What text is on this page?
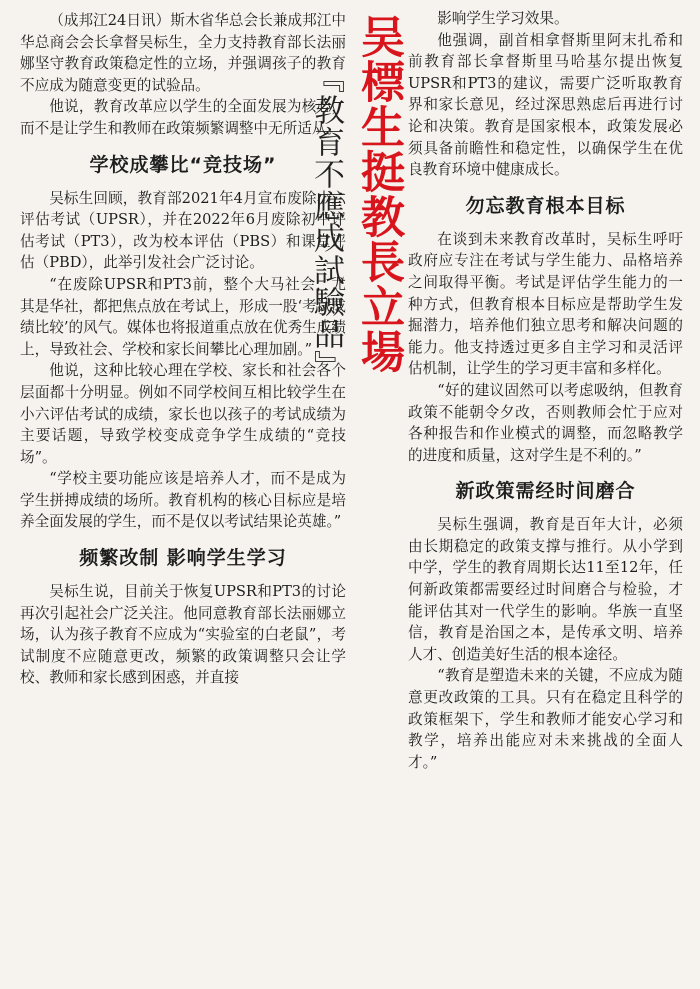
（成邦江24日讯）斯木省华总会长兼成邦江中华总商会会长拿督吴标生，全力支持教育部长法丽娜坚守教育政策稳定性的立场，并强调孩子的教育不应成为随意变更的试验品。

他说，教育改革应以学生的全面发展为核心，而不是让学生和教师在政策频繁调整中无所适从。

学校成攀比“竞技场”

吴标生回顾，教育部2021年4月宣布废除小六评估考试（UPSR），并在2022年6月废除初中评估考试（PT3），改为校本评估（PBS）和课堂评估（PBD），此举引发社会广泛讨论。

“在废除UPSR和PT3前，整个大马社会，尤其是华社，都把焦点放在考试上，形成一股‘考试成绩比较’的风气。媒体也将报道重点放在优秀生成绩上，导致社会、学校和家长间攀比心理加剧。”

他说，这种比较心理在学校、家长和社会各个层面都十分明显。例如不同学校间互相比较学生在小六评估考试的成绩，家长也以孩子的考试成绩为主要话题，导致学校变成竞争学生成绩的“竞技场”。

“学校主要功能应该是培养人才，而不是成为学生拼搏成绩的场所。教育机构的核心目标应是培养全面发展的学生，而不是仅以考试结果论英雄。”

频繁改制 影响学生学习

吴标生说，目前关于恢复UPSR和PT3的讨论再次引起社会广泛关注。他同意教育部长法丽娜立场，认为孩子教育不应成为“实验室的白老鼠”，考试制度不应随意更改，频繁的政策调整只会让学校、教师和家长感到困惑，并直接

『教育不應成試驗品』 吴標生挺教長立場	影响学生学习效果。

他强调，副首相拿督斯里阿末扎希和前教育部长拿督斯里马哈基尔提出恢复UPSR和PT3的建议，需要广泛听取教育界和家长意见，经过深思熟虑后再进行讨论和决策。教育是国家根本，政策发展必须具备前瞻性和稳定性，以确保学生在优良教育环境中健康成长。

勿忘教育根本目标

在谈到未来教育改革时，吴标生呼吁政府应专注在考试与学生能力、品格培养之间取得平衡。考试是评估学生能力的一种方式，但教育根本目标应是帮助学生发掘潜力，培养他们独立思考和解决问题的能力。他支持透过更多自主学习和灵活评估机制，让学生的学习更丰富和多样化。

“好的建议固然可以考虑吸纳，但教育政策不能朝令夕改，否则教师会忙于应对各种报告和作业模式的调整，而忽略教学的进度和质量，这对学生是不利的。”

新政策需经时间磨合

吴标生强调，教育是百年大计，必须由长期稳定的政策支撑与推行。从小学到中学，学生的教育周期长达11至12年，任何新政策都需要经过时间磨合与检验，才能评估其对一代学生的影响。华族一直坚信，教育是治国之本，是传承文明、培养人才、创造美好生活的根本途径。

“教育是塑造未来的关键，不应成为随意更改政策的工具。只有在稳定且科学的政策框架下，学生和教师才能安心学习和教学，培养出能应对未来挑战的全面人才。”
